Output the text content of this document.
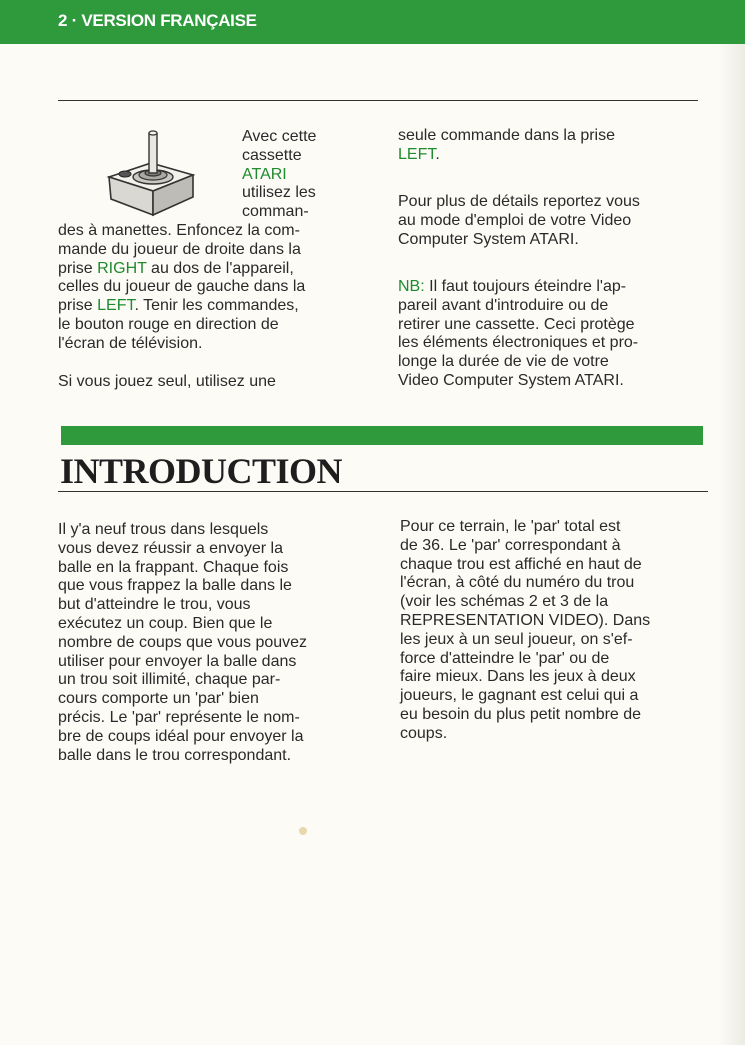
2 · VERSION FRANÇAISE
Avec cette
cassette
ATARI
utilisez les
comman-
des à manettes. Enfoncez la com-
mande du joueur de droite dans la
prise RIGHT au dos de l'appareil,
celles du joueur de gauche dans la
prise LEFT. Tenir les commandes,
le bouton rouge en direction de
l'écran de télévision.
Si vous jouez seul, utilisez une
seule commande dans la prise
LEFT.
Pour plus de détails reportez vous
au mode d'emploi de votre Video
Computer System ATARI.
NB: Il faut toujours éteindre l'ap-
pareil avant d'introduire ou de
retirer une cassette. Ceci protège
les éléments électroniques et pro-
longe la durée de vie de votre
Video Computer System ATARI.
INTRODUCTION
Il y'a neuf trous dans lesquels
vous devez réussir a envoyer la
balle en la frappant. Chaque fois
que vous frappez la balle dans le
but d'atteindre le trou, vous
exécutez un coup. Bien que le
nombre de coups que vous pouvez
utiliser pour envoyer la balle dans
un trou soit illimité, chaque par-
cours comporte un 'par' bien
précis. Le 'par' représente le nom-
bre de coups idéal pour envoyer la
balle dans le trou correspondant.
Pour ce terrain, le 'par' total est
de 36. Le 'par' correspondant à
chaque trou est affiché en haut de
l'écran, à côté du numéro du trou
(voir les schémas 2 et 3 de la
REPRESENTATION VIDEO). Dans
les jeux à un seul joueur, on s'ef-
force d'atteindre le 'par' ou de
faire mieux. Dans les jeux à deux
joueurs, le gagnant est celui qui a
eu besoin du plus petit nombre de
coups.
